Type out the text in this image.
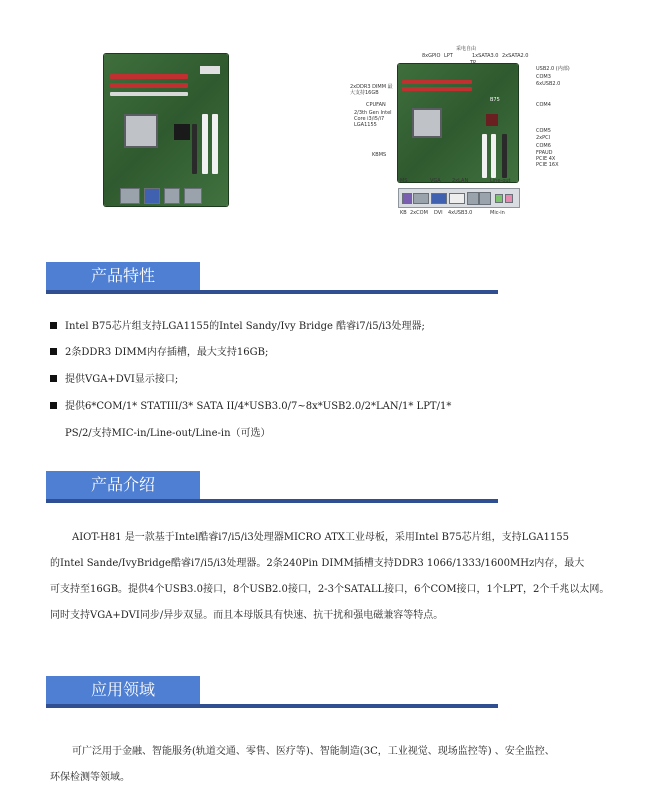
采电自由
8xGPIO LPT	1xSATA3.0 2xSATA2.0
TP
USB2.0 (内部)
COM3
6xUSB2.0
2xDDR3 DIMM 最大支持16GB
B75
COM4
CPUFAN
2/3th Gen Intel Core i3/i5/i7 LGA1155
COM5
2xPCI
COM6
KBMS	FPAUD
PCIE 4X
PCIE 16X
MS	VGA 2xLAN	Line-out
KB 2xCOM DVI 4xUSB3.0	Mic-in
产品特性
Intel B75芯片组支持LGA1155的Intel Sandy/Ivy Bridge 酷睿i7/i5/i3处理器;
2条DDR3 DIMM内存插槽，最大支持16GB;
提供VGA+DVI显示接口;
提供6*COM/1* STATIII/3* SATA II/4*USB3.0/7~8x*USB2.0/2*LAN/1* LPT/1*
PS/2/支持MIC-in/Line-out/Line-in（可选）
产品介绍
AIOT-H81 是一款基于Intel酷睿i7/i5/i3处理器MICRO ATX工业母板，采用Intel B75芯片组，支持LGA1155
的Intel Sande/IvyBridge酷睿i7/i5/i3处理器。2条240Pin DIMM插槽支持DDR3 1066/1333/1600MHz内存，最大
可支持至16GB。提供4个USB3.0接口，8个USB2.0接口，2-3个SATALL接口，6个COM接口，1个LPT，2个千兆以太网。
同时支持VGA+DVI同步/异步双显。而且本母版具有快速、抗干扰和强电磁兼容等特点。
应用领域
可广泛用于金融、智能服务(轨道交通、零售、医疗等)、智能制造(3C，工业视觉、现场监控等) 、安全监控、
环保检测等领域。
